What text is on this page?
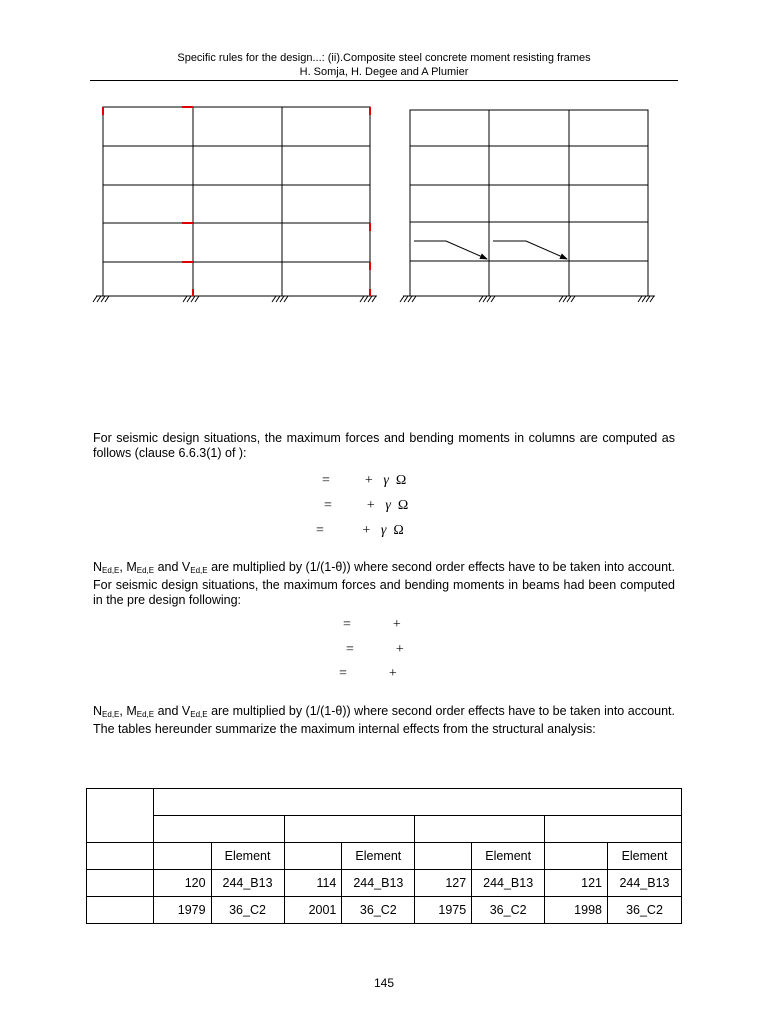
Specific rules for the design...: (ii).Composite steel concrete moment resisting frames
H. Somja, H. Degee and A Plumier
For seismic design situations, the maximum forces and bending moments in columns are computed as follows (clause 6.6.3(1) of ):
=	+ γ Ω
=	+ γ Ω
=	+ γ Ω
$N_{Ed,E}$, $M_{Ed,E}$ and $V_{Ed,E}$ are multiplied by (1/(1-θ)) where second order effects have to be taken into account. For seismic design situations, the maximum forces and bending moments in beams had been computed in the pre design following:
=	+
=	+
=	+
$N_{Ed,E}$, $M_{Ed,E}$ and $V_{Ed,E}$ are multiplied by (1/(1-θ)) where second order effects have to be taken into account. The tables hereunder summarize the maximum internal effects from the structural analysis:

		Element		Element		Element		Element
	120	244_B13	114	244_B13	127	244_B13	121	244_B13
	1979	36_C2	2001	36_C2	1975	36_C2	1998	36_C2
145
